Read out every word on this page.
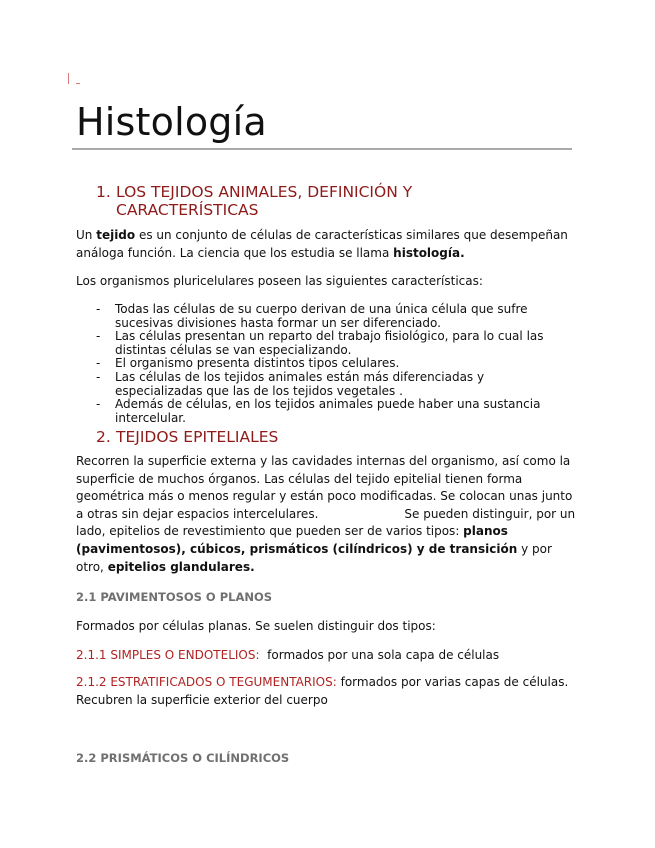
Histología
1. LOS TEJIDOS ANIMALES, DEFINICIÓN Y CARACTERÍSTICAS

Un tejido es un conjunto de células de características similares que desempeñan análoga función. La ciencia que los estudia se llama histología.

Los organismos pluricelulares poseen las siguientes características:

- Todas las células de su cuerpo derivan de una única célula que sufre sucesivas divisiones hasta formar un ser diferenciado.
- Las células presentan un reparto del trabajo fisiológico, para lo cual las distintas células se van especializando.
- El organismo presenta distintos tipos celulares.
- Las células de los tejidos animales están más diferenciadas y especializadas que las de los tejidos vegetales .
- Además de células, en los tejidos animales puede haber una sustancia intercelular.
2. TEJIDOS EPITELIALES

Recorren la superficie externa y las cavidades internas del organismo, así como la superficie de muchos órganos. Las células del tejido epitelial tienen forma geométrica más o menos regular y están poco modificadas. Se colocan unas junto a otras sin dejar espacios intercelulares.	Se pueden distinguir, por un lado, epitelios de revestimiento que pueden ser de varios tipos: planos (pavimentosos), cúbicos, prismáticos (cilíndricos) y de transición y por otro, epitelios glandulares.

2.1 PAVIMENTOSOS O PLANOS

Formados por células planas. Se suelen distinguir dos tipos:

2.1.1 SIMPLES O ENDOTELIOS:  formados por una sola capa de células

2.1.2 ESTRATIFICADOS O TEGUMENTARIOS: formados por varias capas de células. Recubren la superficie exterior del cuerpo

2.2 PRISMÁTICOS O CILÍNDRICOS
